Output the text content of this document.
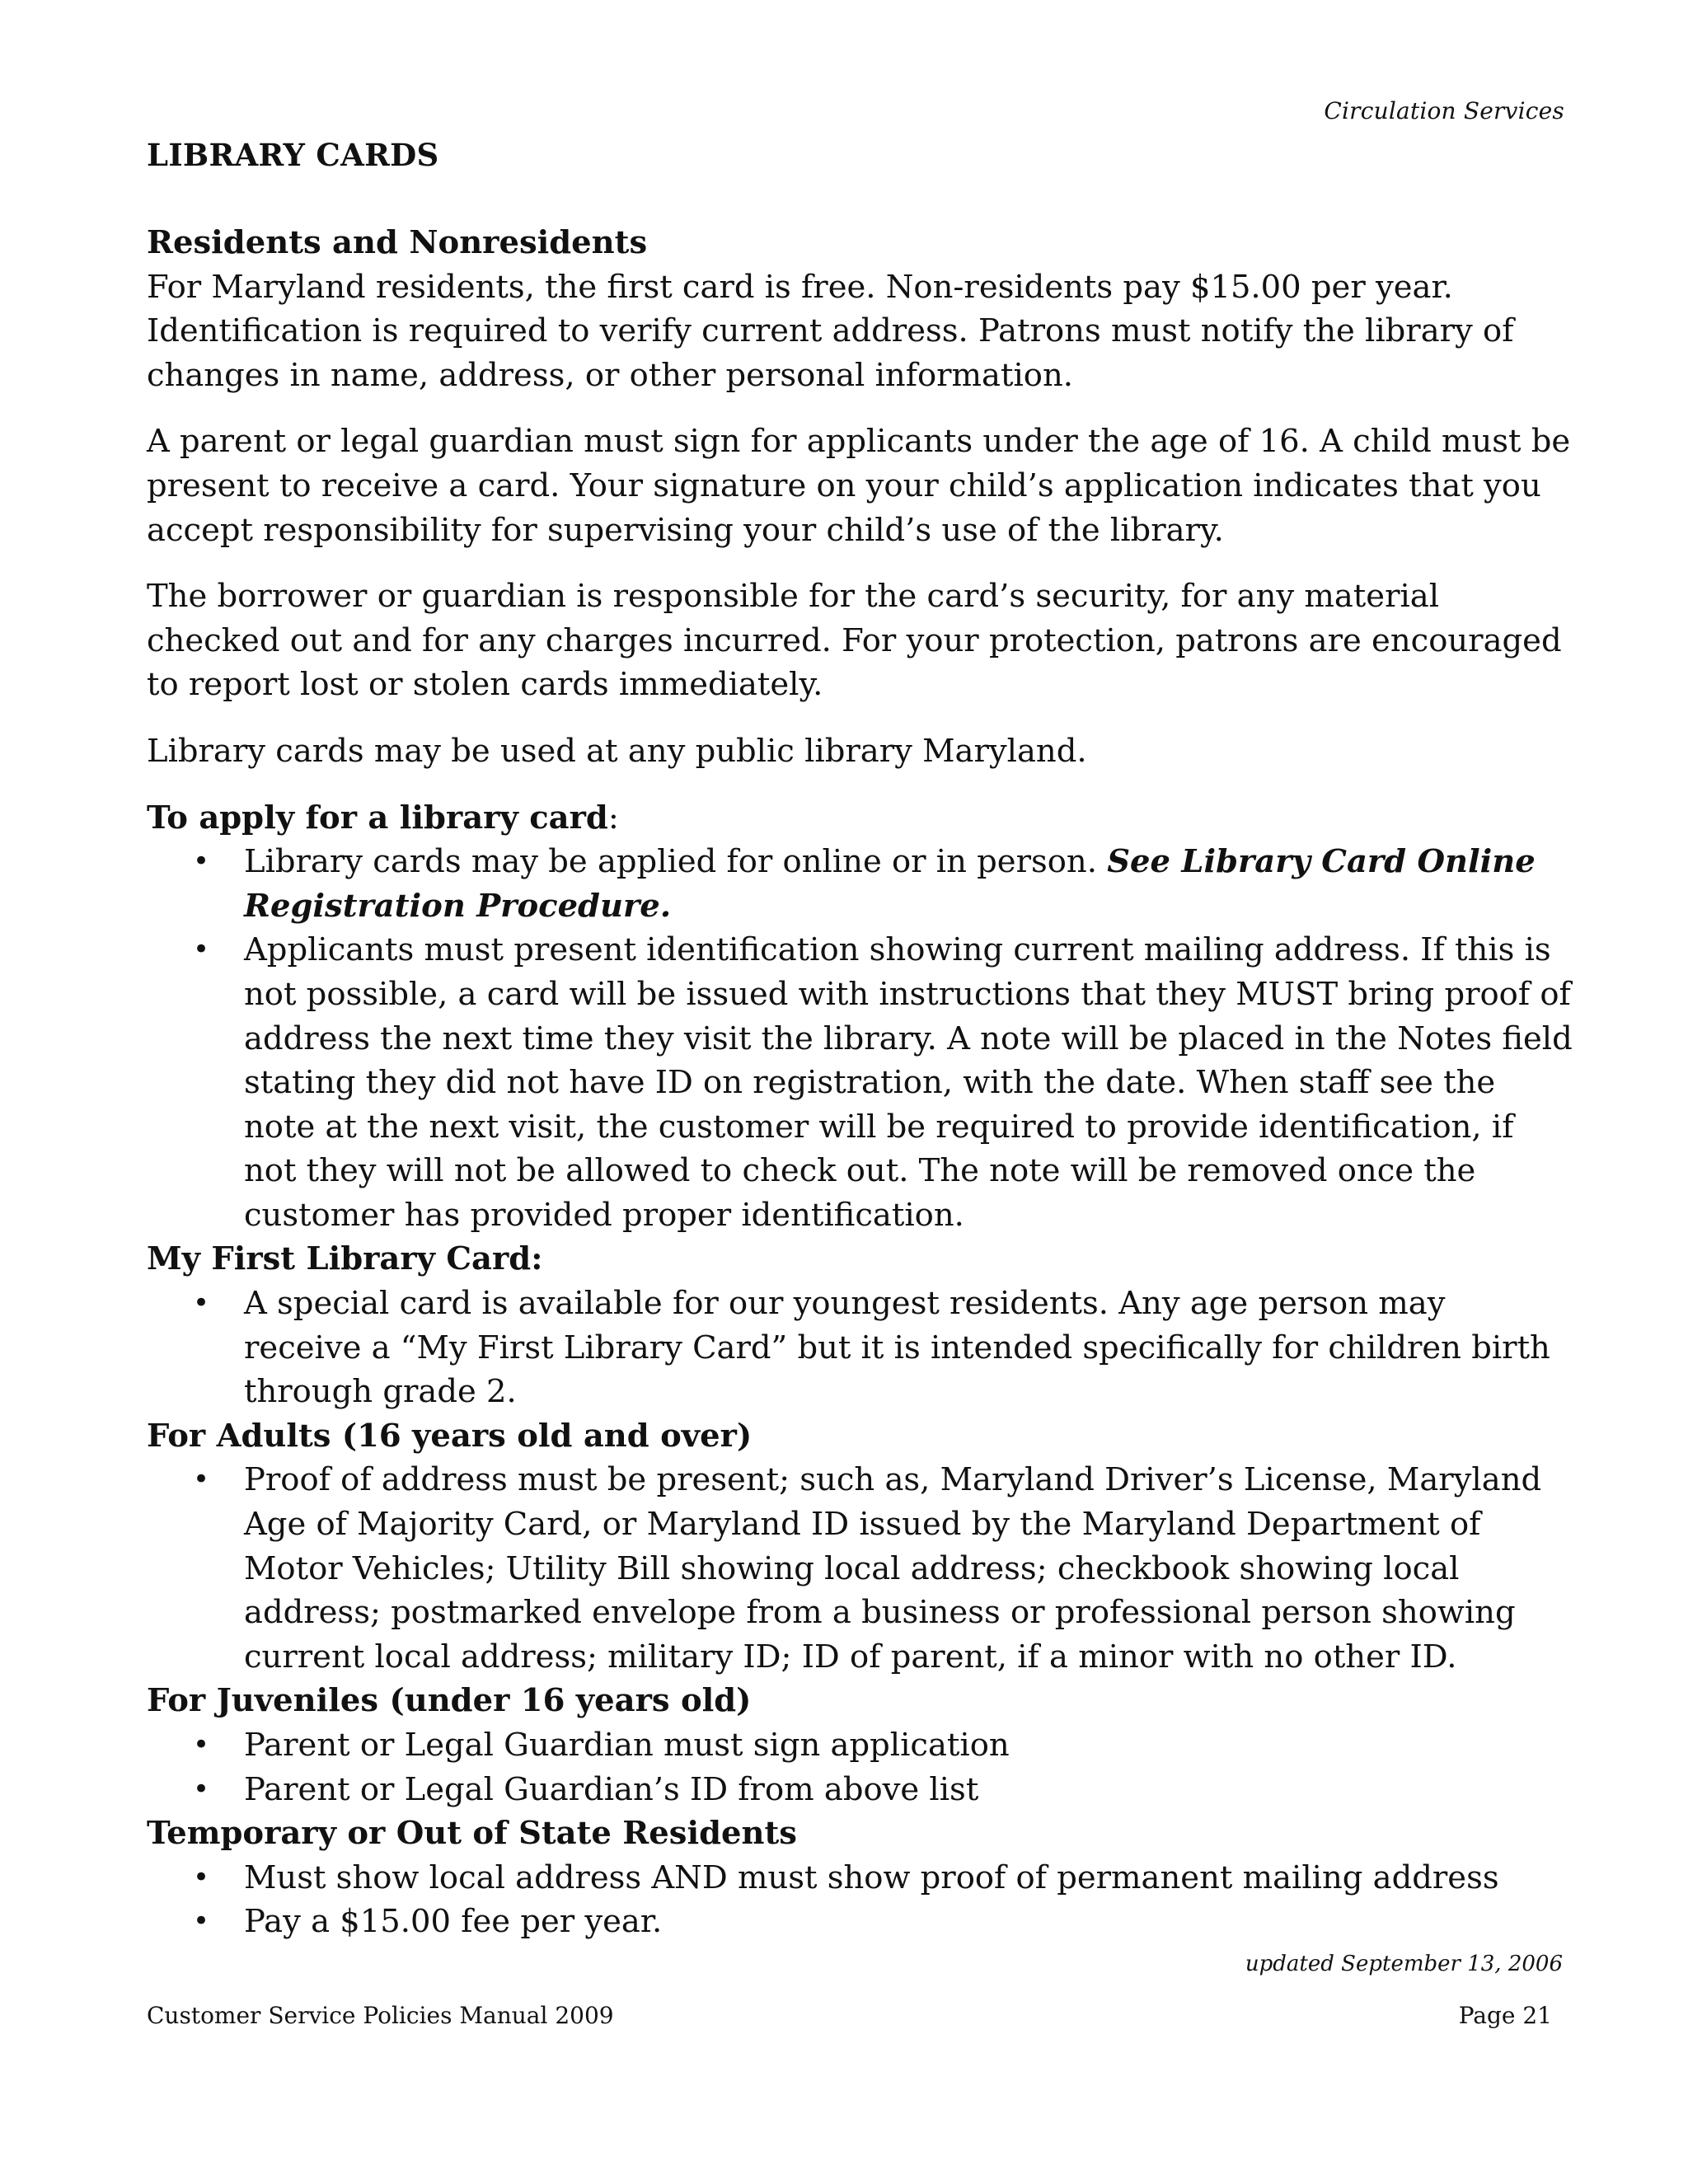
Circulation Services
LIBRARY CARDS
Residents and Nonresidents

For Maryland residents, the first card is free. Non-residents pay $15.00 per year. Identification is required to verify current address. Patrons must notify the library of changes in name, address, or other personal information.

A parent or legal guardian must sign for applicants under the age of 16. A child must be present to receive a card. Your signature on your child’s application indicates that you accept responsibility for supervising your child’s use of the library.

The borrower or guardian is responsible for the card’s security, for any material checked out and for any charges incurred. For your protection, patrons are encouraged to report lost or stolen cards immediately.

Library cards may be used at any public library Maryland.

To apply for a library card:
• Library cards may be applied for online or in person. See Library Card Online Registration Procedure.
• Applicants must present identification showing current mailing address. If this is not possible, a card will be issued with instructions that they MUST bring proof of address the next time they visit the library. A note will be placed in the Notes field stating they did not have ID on registration, with the date. When staff see the note at the next visit, the customer will be required to provide identification, if not they will not be allowed to check out. The note will be removed once the customer has provided proper identification.
My First Library Card:
• A special card is available for our youngest residents. Any age person may receive a “My First Library Card” but it is intended specifically for children birth through grade 2.
For Adults (16 years old and over)
• Proof of address must be present; such as, Maryland Driver’s License, Maryland Age of Majority Card, or Maryland ID issued by the Maryland Department of Motor Vehicles; Utility Bill showing local address; checkbook showing local address; postmarked envelope from a business or professional person showing current local address; military ID; ID of parent, if a minor with no other ID.
For Juveniles (under 16 years old)
• Parent or Legal Guardian must sign application
• Parent or Legal Guardian’s ID from above list
Temporary or Out of State Residents
• Must show local address AND must show proof of permanent mailing address
• Pay a $15.00 fee per year.
updated September 13, 2006
Customer Service Policies Manual 2009	Page 21
